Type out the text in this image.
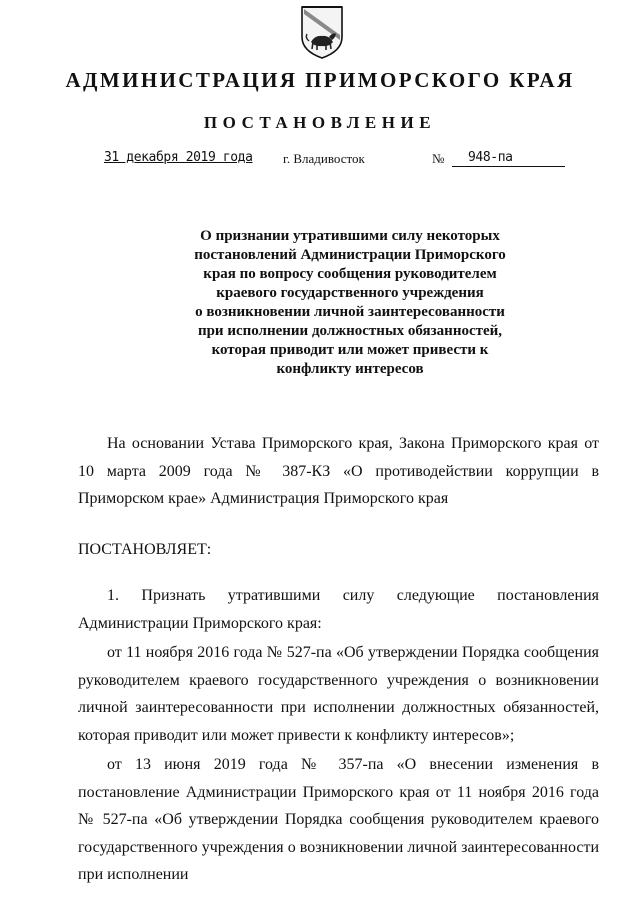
АДМИНИСТРАЦИЯ ПРИМОРСКОГО КРАЯ
ПОСТАНОВЛЕНИЕ
31 декабря 2019 года г. Владивосток	№	948-па
О признании утратившими силу некоторых
постановлений Администрации Приморского
края по вопросу сообщения руководителем
краевого государственного учреждения
о возникновении личной заинтересованности
при исполнении должностных обязанностей,
которая приводит или может привести к
конфликту интересов

На основании Устава Приморского края, Закона Приморского края от 10 марта 2009 года № 387-КЗ «О противодействии коррупции в Приморском крае» Администрация Приморского края

ПОСТАНОВЛЯЕТ:

1. Признать утратившими силу следующие постановления Администрации Приморского края:

от 11 ноября 2016 года № 527-па «Об утверждении Порядка сообщения руководителем краевого государственного учреждения о возникновении личной заинтересованности при исполнении должностных обязанностей, которая приводит или может привести к конфликту интересов»;

от 13 июня 2019 года № 357-па «О внесении изменения в постановление Администрации Приморского края от 11 ноября 2016 года № 527-па «Об утверждении Порядка сообщения руководителем краевого государственного учреждения о возникновении личной заинтересованности при исполнении
